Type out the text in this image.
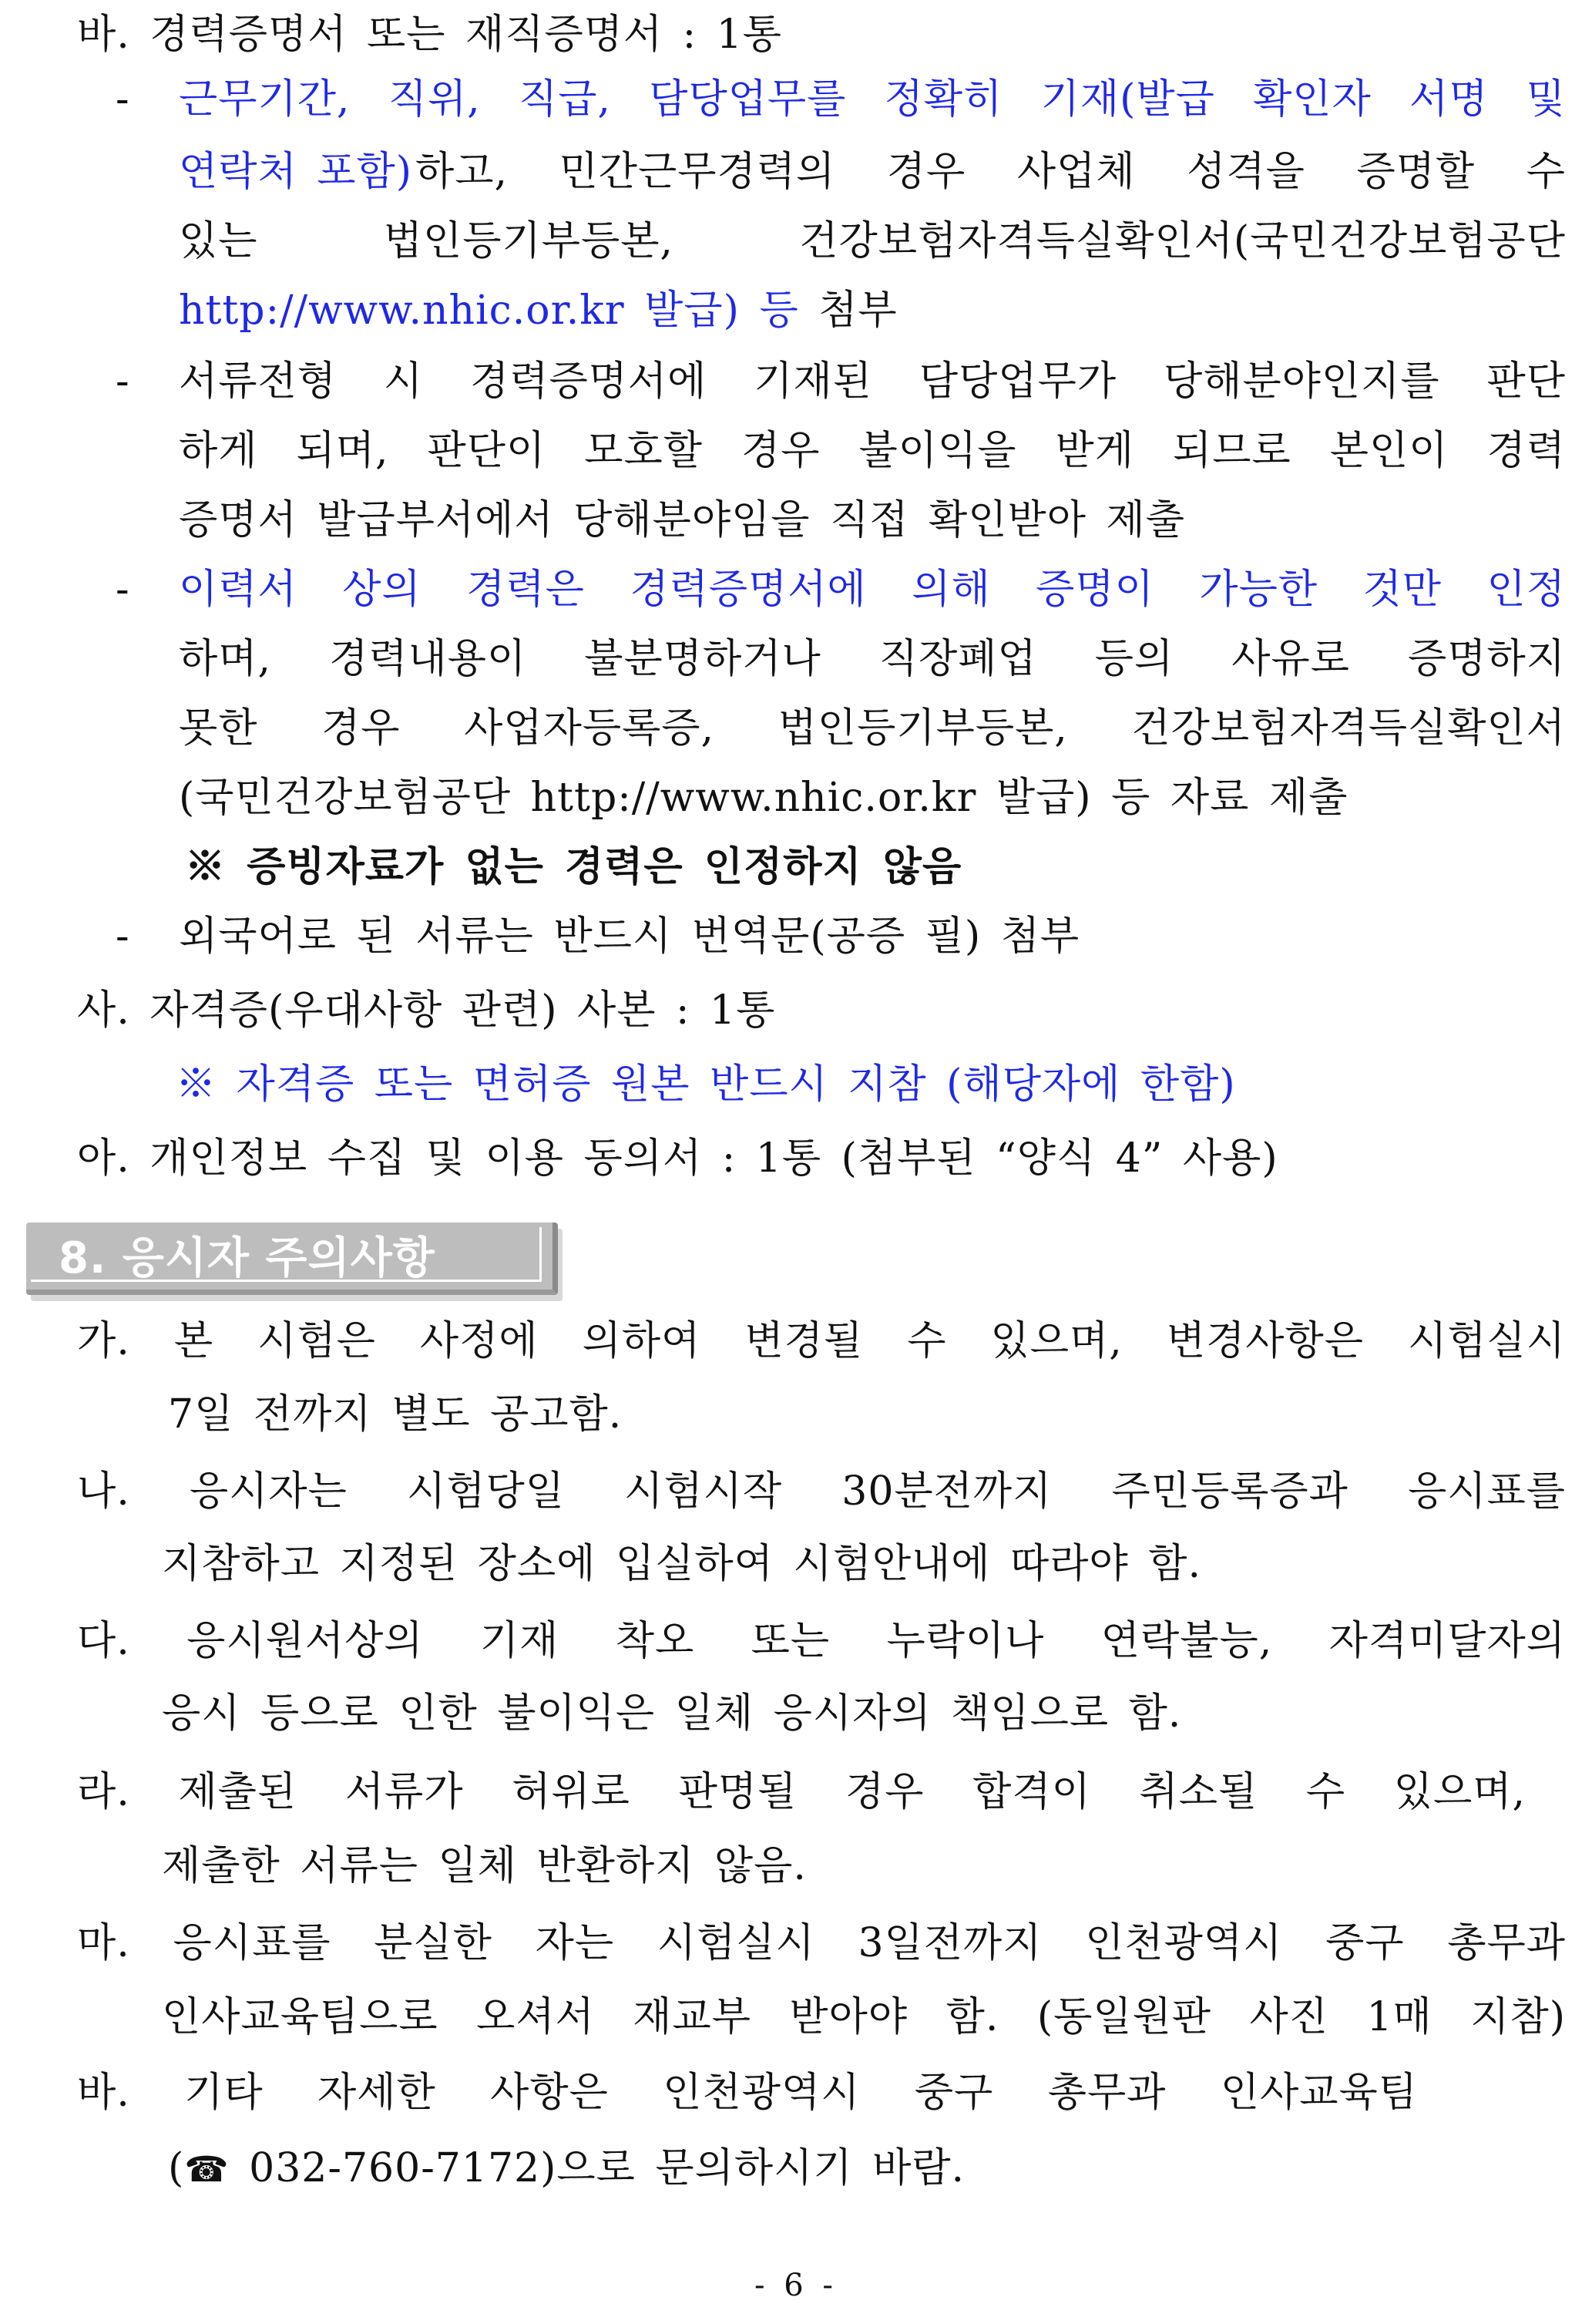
바. 경력증명서 또는 재직증명서 : 1통
- 근무기간, 직위, 직급, 담당업무를 정확히 기재(발급 확인자 서명 및
연락처 포함) 하고, 민간근무경력의 경우 사업체 성격을 증명할 수
있는 법인등기부등본, 건강보험자격득실확인서(국민건강보험공단
http://www.nhic.or.kr 발급) 등 첨부
- 서류전형 시 경력증명서에 기재된 담당업무가 당해분야인지를 판단
하게 되며, 판단이 모호할 경우 불이익을 받게 되므로 본인이 경력
증명서 발급부서에서 당해분야임을 직접 확인받아 제출
- 이력서 상의 경력은 경력증명서에 의해 증명이 가능한 것만 인정
하며, 경력내용이 불분명하거나 직장폐업 등의 사유로 증명하지
못한 경우 사업자등록증, 법인등기부등본, 건강보험자격득실확인서
(국민건강보험공단 http://www.nhic.or.kr 발급) 등 자료 제출
※ 증빙자료가 없는 경력은 인정하지 않음
- 외국어로 된 서류는 반드시 번역문(공증 필) 첨부
사. 자격증(우대사항 관련) 사본 : 1통
※ 자격증 또는 면허증 원본 반드시 지참 (해당자에 한함)
아. 개인정보 수집 및 이용 동의서 : 1통 (첨부된 “양식 4” 사용)
8. 응시자 주의사항
가. 본 시험은 사정에 의하여 변경될 수 있으며, 변경사항은 시험실시
7일 전까지 별도 공고함.
나. 응시자는 시험당일 시험시작 30분전까지 주민등록증과 응시표를
지참하고 지정된 장소에 입실하여 시험안내에 따라야 함.
다. 응시원서상의 기재 착오 또는 누락이나 연락불능, 자격미달자의
응시 등으로 인한 불이익은 일체 응시자의 책임으로 함.
라. 제출된 서류가 허위로 판명될 경우 합격이 취소될 수 있으며,
제출한 서류는 일체 반환하지 않음.
마. 응시표를 분실한 자는 시험실시 3일전까지 인천광역시 중구 총무과
인사교육팀으로 오셔서 재교부 받아야 함. (동일원판 사진 1매 지참)
바. 기타 자세한 사항은 인천광역시 중구 총무과 인사교육팀
(☎ 032-760-7172)으로 문의하시기 바람.
- 6 -
